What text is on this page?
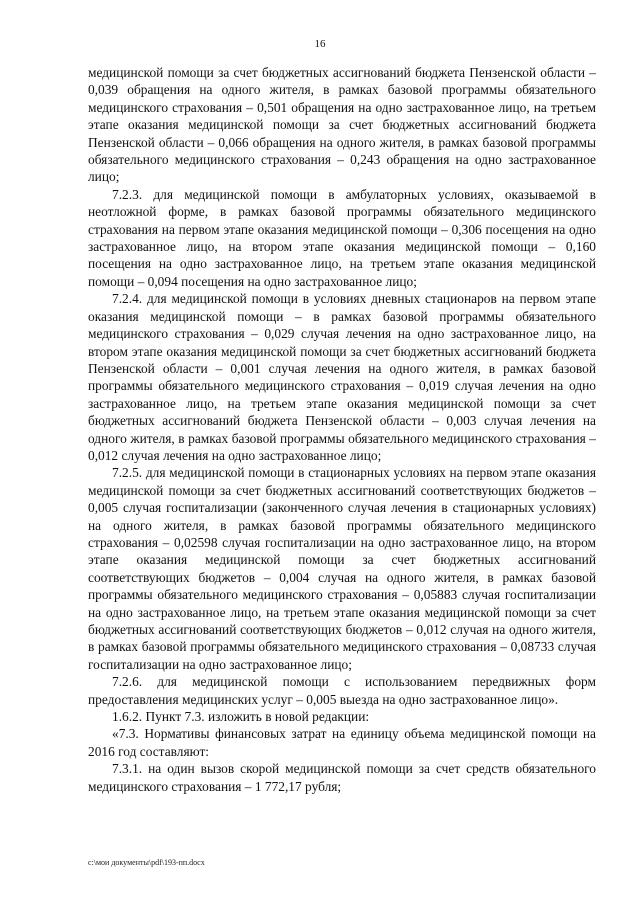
16

медицинской помощи за счет бюджетных ассигнований бюджета Пензенской области – 0,039 обращения на одного жителя, в рамках базовой программы обязательного медицинского страхования – 0,501 обращения на одно застрахованное лицо, на третьем этапе оказания медицинской помощи за счет бюджетных ассигнований бюджета Пензенской области – 0,066 обращения на одного жителя, в рамках базовой программы обязательного медицинского страхования – 0,243 обращения на одно застрахованное лицо;

7.2.3. для медицинской помощи в амбулаторных условиях, оказываемой в неотложной форме, в рамках базовой программы обязательного медицинского страхования на первом этапе оказания медицинской помощи – 0,306 посещения на одно застрахованное лицо, на втором этапе оказания медицинской помощи – 0,160 посещения на одно застрахованное лицо, на третьем этапе оказания медицинской помощи – 0,094 посещения на одно застрахованное лицо;

7.2.4. для медицинской помощи в условиях дневных стационаров на первом этапе оказания медицинской помощи – в рамках базовой программы обязательного медицинского страхования – 0,029 случая лечения на одно застрахованное лицо, на втором этапе оказания медицинской помощи за счет бюджетных ассигнований бюджета Пензенской области – 0,001 случая лечения на одного жителя, в рамках базовой программы обязательного медицинского страхования – 0,019 случая лечения на одно застрахованное лицо, на третьем этапе оказания медицинской помощи за счет бюджетных ассигнований бюджета Пензенской области – 0,003 случая лечения на одного жителя, в рамках базовой программы обязательного медицинского страхования – 0,012 случая лечения на одно застрахованное лицо;

7.2.5. для медицинской помощи в стационарных условиях на первом этапе оказания медицинской помощи за счет бюджетных ассигнований соответствующих бюджетов – 0,005 случая госпитализации (законченного случая лечения в стационарных условиях) на одного жителя, в рамках базовой программы обязательного медицинского страхования – 0,02598 случая госпитализации на одно застрахованное лицо, на втором этапе оказания медицинской помощи за счет бюджетных ассигнований соответствующих бюджетов – 0,004 случая на одного жителя, в рамках базовой программы обязательного медицинского страхования – 0,05883 случая госпитализации на одно застрахованное лицо, на третьем этапе оказания медицинской помощи за счет бюджетных ассигнований соответствующих бюджетов – 0,012 случая на одного жителя, в рамках базовой программы обязательного медицинского страхования – 0,08733 случая госпитализации на одно застрахованное лицо;

7.2.6. для медицинской помощи с использованием передвижных форм предоставления медицинских услуг – 0,005 выезда на одно застрахованное лицо».

1.6.2. Пункт 7.3. изложить в новой редакции:

«7.3. Нормативы финансовых затрат на единицу объема медицинской помощи на 2016 год составляют:

7.3.1. на один вызов скорой медицинской помощи за счет средств обязательного медицинского страхования – 1 772,17 рубля;

c:\мои документы\pdf\193-пп.docx
